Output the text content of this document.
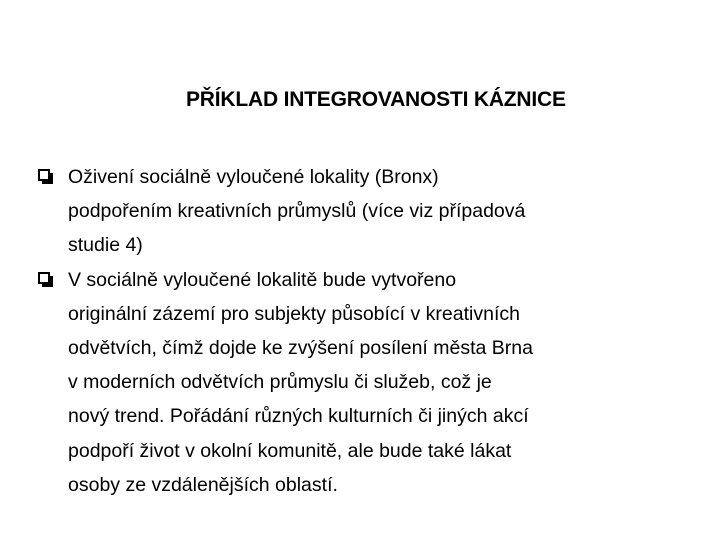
PŘÍKLAD INTEGROVANOSTI KÁZNICE
Oživení sociálně vyloučené lokality (Bronx)
podpořením kreativních průmyslů (více viz případová
studie 4)
V sociálně vyloučené lokalitě bude vytvořeno
originální zázemí pro subjekty působící v kreativních
odvětvích, čímž dojde ke zvýšení posílení města Brna
v moderních odvětvích průmyslu či služeb, což je
nový trend. Pořádání různých kulturních či jiných akcí
podpoří život v okolní komunitě, ale bude také lákat
osoby ze vzdálenějších oblastí.
